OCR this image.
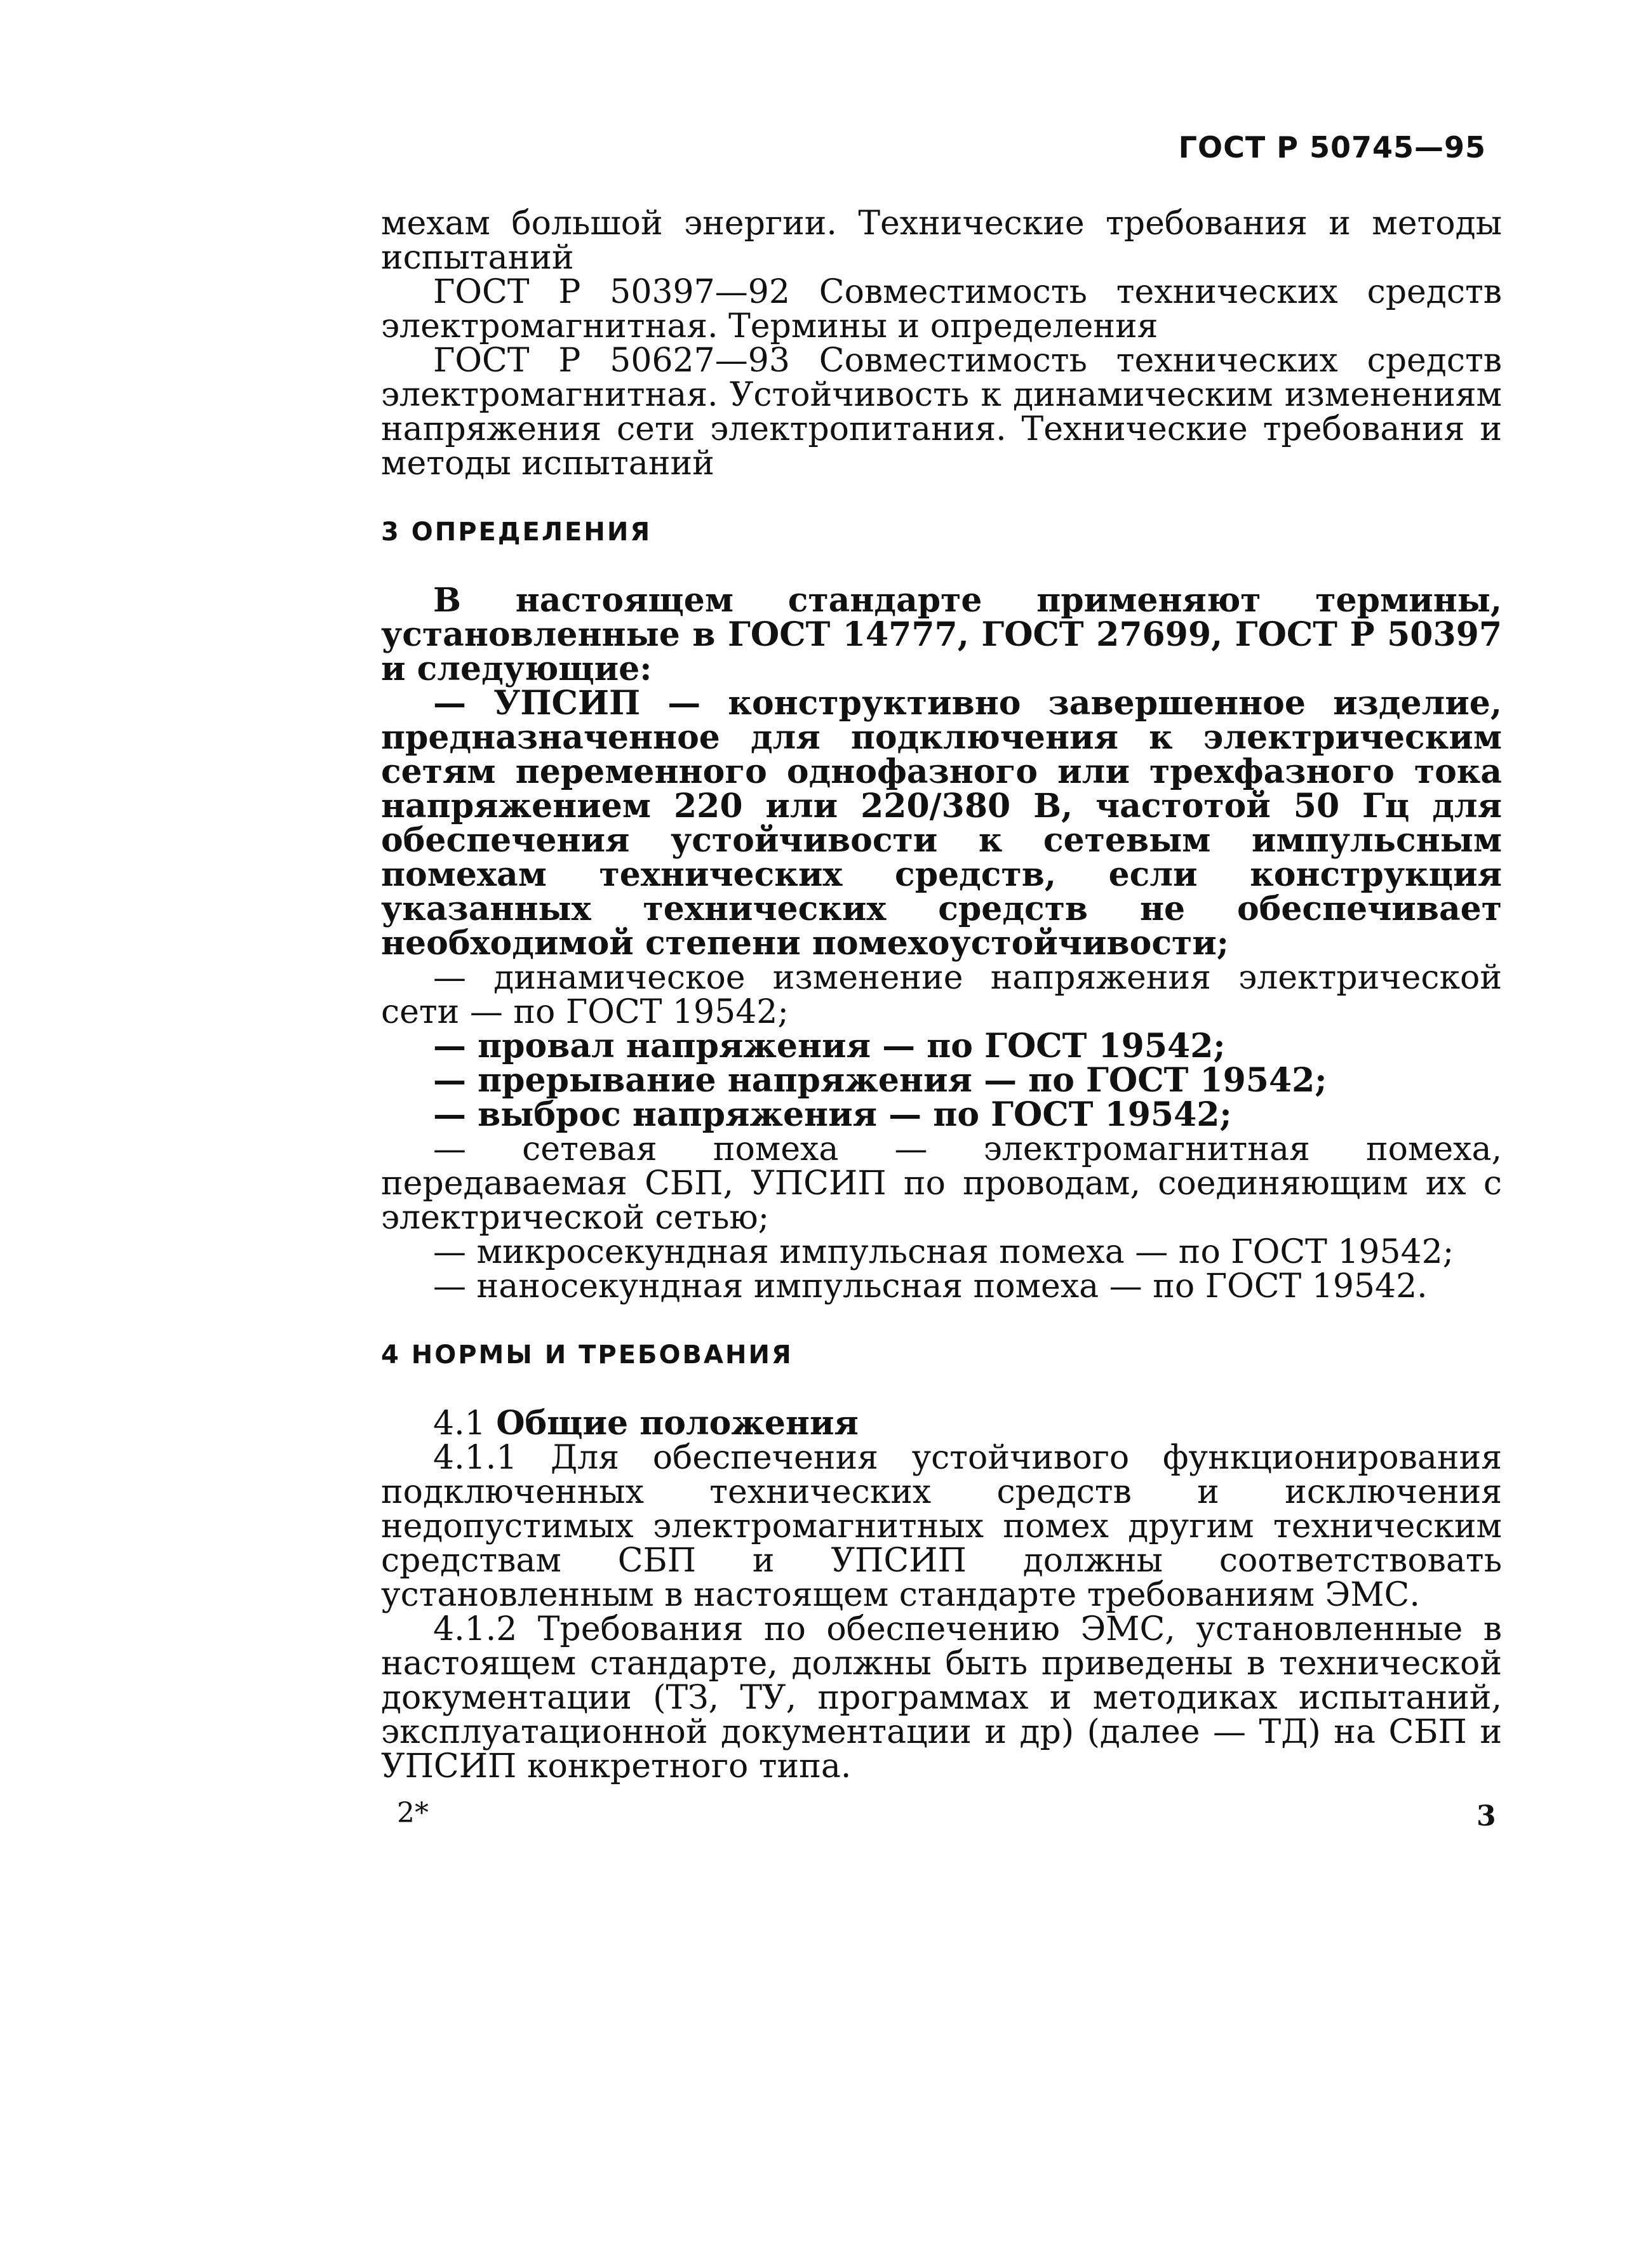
ГОСТ Р 50745—95

мехам большой энергии. Технические требования и методы испытаний

ГОСТ Р 50397—92 Совместимость технических средств электромагнитная. Термины и определения

ГОСТ Р 50627—93 Совместимость технических средств электромагнитная. Устойчивость к динамическим изменениям напряжения сети электропитания. Технические требования и методы испытаний

3 ОПРЕДЕЛЕНИЯ

В настоящем стандарте применяют термины, установленные в ГОСТ 14777, ГОСТ 27699, ГОСТ Р 50397 и следующие:

— УПСИП — конструктивно завершенное изделие, предназначенное для подключения к электрическим сетям переменного однофазного или трехфазного тока напряжением 220 или 220/380 В, частотой 50 Гц для обеспечения устойчивости к сетевым импульсным помехам технических средств, если конструкция указанных технических средств не обеспечивает необходимой степени помехоустойчивости;

— динамическое изменение напряжения электрической сети — по ГОСТ 19542;

— провал напряжения — по ГОСТ 19542;

— прерывание напряжения — по ГОСТ 19542;

— выброс напряжения — по ГОСТ 19542;

— сетевая помеха — электромагнитная помеха, передаваемая СБП, УПСИП по проводам, соединяющим их с электрической сетью;

— микросекундная импульсная помеха — по ГОСТ 19542;

— наносекундная импульсная помеха — по ГОСТ 19542.

4 НОРМЫ И ТРЕБОВАНИЯ

4.1 Общие положения

4.1.1 Для обеспечения устойчивого функционирования подключенных технических средств и исключения недопустимых электромагнитных помех другим техническим средствам СБП и УПСИП должны соответствовать установленным в настоящем стандарте требованиям ЭМС.

4.1.2 Требования по обеспечению ЭМС, установленные в настоящем стандарте, должны быть приведены в технической документации (ТЗ, ТУ, программах и методиках испытаний, эксплуатационной документации и др) (далее — ТД) на СБП и УПСИП конкретного типа.

2*	3
